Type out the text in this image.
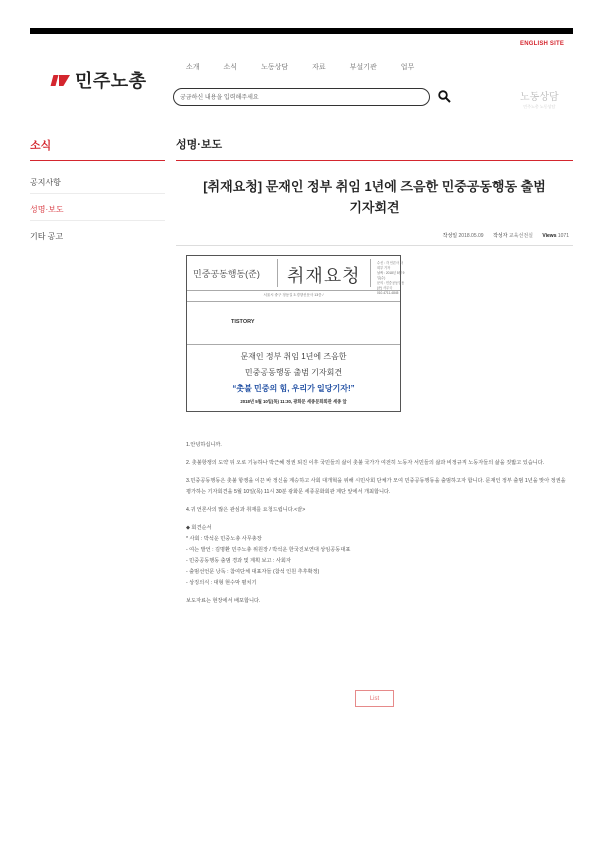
ENGLISH SITE
민주노총
소개	소식	노동상담	자료	부설기관	업무
궁금하신 내용을 입력해주세요
노동상담
민주노총 노동상담
소식
공지사항
성명·보도
기타 공고
성명·보도
[취재요청] 문재인 정부 취임 1년에 즈음한 민중공동행동 출범
기자회견
작성일 2018.05.09 작성자 교육선전실 Views 1071
민중공동행동(준) 취재요청
수신 : 각 언론사 사회부 기자
날짜 : 2018년 5월 9일(수)
문의 : 민중공동행동(준) 사무국
010-4711-4845
서울시 중구 정동길 3 경향신문사 13층 /
TISTORY
문재인 정부 취임 1년에 즈음한
민중공동행동 출범 기자회견
“촛불 민중의 힘, 우리가 일당기자!”
2018년 5월 10일(목) 11:30, 광화문 세종문화회관 세종 앞

1.안녕하십니까.

2. 촛불항쟁의 도약 뒤 오로 기능하나 박근혜 정권 퇴진 이후 국민들의 삶이 촛불 국가가 여전히 노동자 서민들의 삶과 비정규직 노동자들의 삶을 짓밟고 있습니다.

3.민중공동행동은 촛불 항쟁을 이끈 바 정신을 계승하고 사회 대개혁을 위해 시민사회 단체가 모여 민중공동행동을 출범하고자 합니다. 문재인 정부 출범 1년을 맞아 정권을 평가하는 기자회견을 5월 10일(목) 11시 30분 광화문 세종문화회관 계단 앞에서 개최합니다.

4.귀 언론사의 많은 관심과 취재를 요청드립니다.<끝>

◆ 회견순서
* 사회 : 박석운 민중노총 사무총장
- 여는 발언 : 김명환 민주노총 위원장 / 박석운 한국진보연대 상임공동대표
- 민중공동행동 출범 경과 및 계획 보고 : 사회자
- 출범선언문 낭독 : 참여단체 대표자들 (참석 인원 추후확정)
- 상징의식 : 대형 현수막 펼치기

보도자료는 현장에서 배포합니다.

List
